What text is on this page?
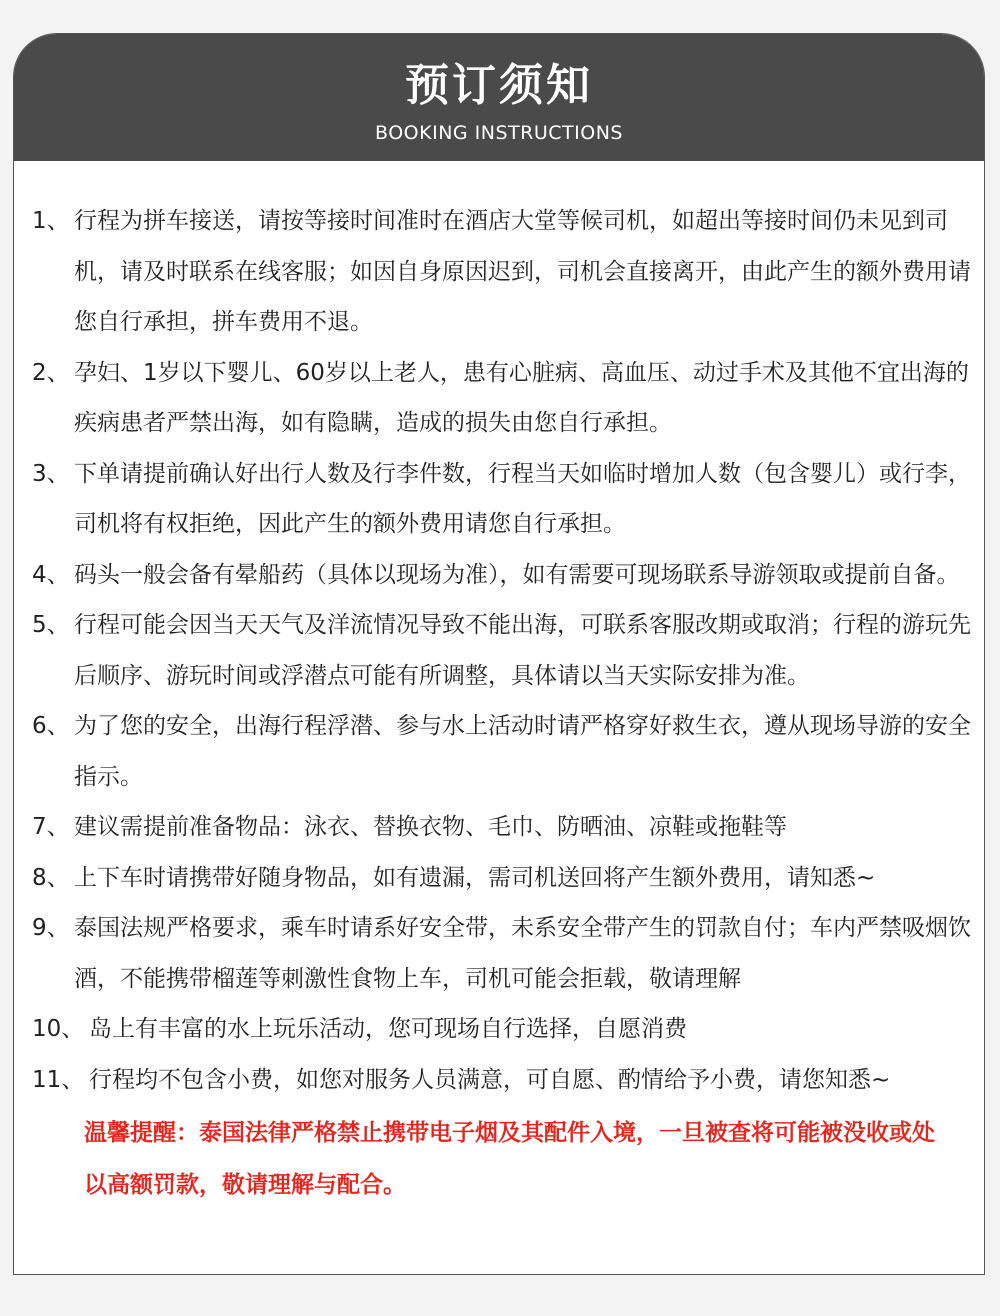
预订须知
BOOKING INSTRUCTIONS
1、 行程为拼车接送，请按等接时间准时在酒店大堂等候司机，如超出等接时间仍未见到司机，请及时联系在线客服；如因自身原因迟到，司机会直接离开，由此产生的额外费用请您自行承担，拼车费用不退。
2、 孕妇、1岁以下婴儿、60岁以上老人，患有心脏病、高血压、动过手术及其他不宜出海的疾病患者严禁出海，如有隐瞒，造成的损失由您自行承担。
3、 下单请提前确认好出行人数及行李件数，行程当天如临时增加人数（包含婴儿）或行李，司机将有权拒绝，因此产生的额外费用请您自行承担。
4、 码头一般会备有晕船药（具体以现场为准），如有需要可现场联系导游领取或提前自备。
5、 行程可能会因当天天气及洋流情况导致不能出海，可联系客服改期或取消；行程的游玩先后顺序、游玩时间或浮潜点可能有所调整，具体请以当天实际安排为准。
6、 为了您的安全，出海行程浮潜、参与水上活动时请严格穿好救生衣，遵从现场导游的安全指示。
7、 建议需提前准备物品：泳衣、替换衣物、毛巾、防晒油、凉鞋或拖鞋等
8、 上下车时请携带好随身物品，如有遗漏，需司机送回将产生额外费用，请知悉~
9、 泰国法规严格要求，乘车时请系好安全带，未系安全带产生的罚款自付；车内严禁吸烟饮酒，不能携带榴莲等刺激性食物上车，司机可能会拒载，敬请理解
10、 岛上有丰富的水上玩乐活动，您可现场自行选择，自愿消费
11、 行程均不包含小费，如您对服务人员满意，可自愿、酌情给予小费，请您知悉~
温馨提醒：泰国法律严格禁止携带电子烟及其配件入境，一旦被查将可能被没收或处以高额罚款，敬请理解与配合。
